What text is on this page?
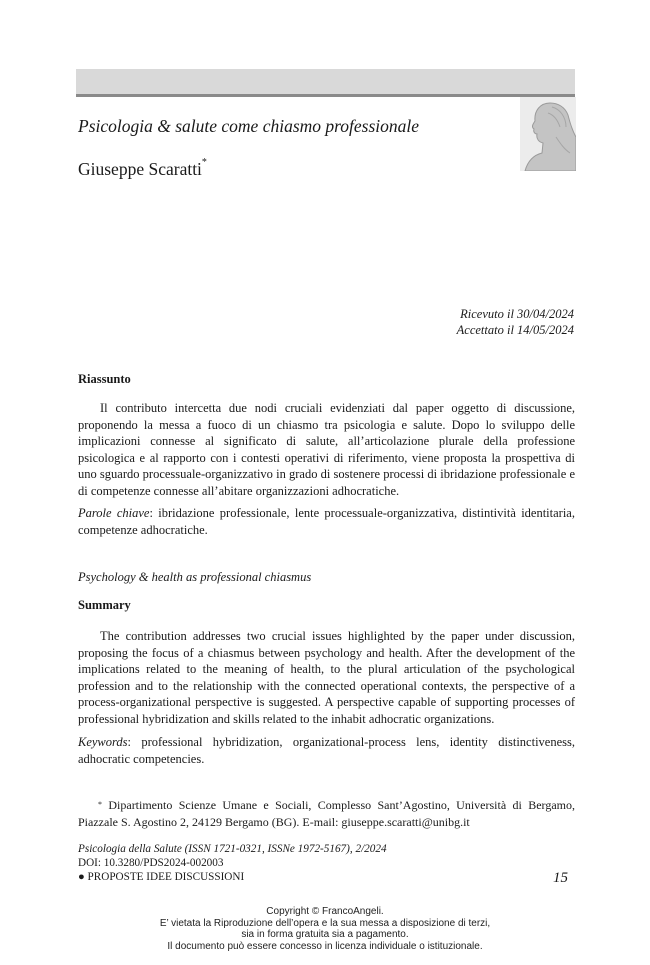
Psicologia & salute come chiasmo professionale
Giuseppe Scaratti*
Ricevuto il 30/04/2024
Accettato il 14/05/2024
Riassunto
Il contributo intercetta due nodi cruciali evidenziati dal paper oggetto di discussione, proponendo la messa a fuoco di un chiasmo tra psicologia e salute. Dopo lo sviluppo delle implicazioni connesse al significato di salute, all’articolazione plurale della professione psicologica e al rapporto con i contesti operativi di riferimento, viene proposta la prospettiva di uno sguardo processuale-organizzativo in grado di sostenere processi di ibridazione professionale e di competenze connesse all’abitare organizzazioni adhocratiche.
Parole chiave: ibridazione professionale, lente processuale-organizzativa, distintività identitaria, competenze adhocratiche.
Psychology & health as professional chiasmus
Summary
The contribution addresses two crucial issues highlighted by the paper under discussion, proposing the focus of a chiasmus between psychology and health. After the development of the implications related to the meaning of health, to the plural articulation of the psychological profession and to the relationship with the connected operational contexts, the perspective of a process-organizational perspective is suggested. A perspective capable of supporting processes of professional hybridization and skills related to the inhabit adhocratic organizations.
Keywords: professional hybridization, organizational-process lens, identity distinctiveness, adhocratic competencies.
* Dipartimento Scienze Umane e Sociali, Complesso Sant’Agostino, Università di Bergamo, Piazzale S. Agostino 2, 24129 Bergamo (BG). E-mail: giuseppe.scaratti@unibg.it
Psicologia della Salute (ISSN 1721-0321, ISSNe 1972-5167), 2/2024
DOI: 10.3280/PDS2024-002003
● PROPOSTE IDEE DISCUSSIONI	15
Copyright © FrancoAngeli.
E’ vietata la Riproduzione dell’opera e la sua messa a disposizione di terzi,
sia in forma gratuita sia a pagamento.
Il documento può essere concesso in licenza individuale o istituzionale.
